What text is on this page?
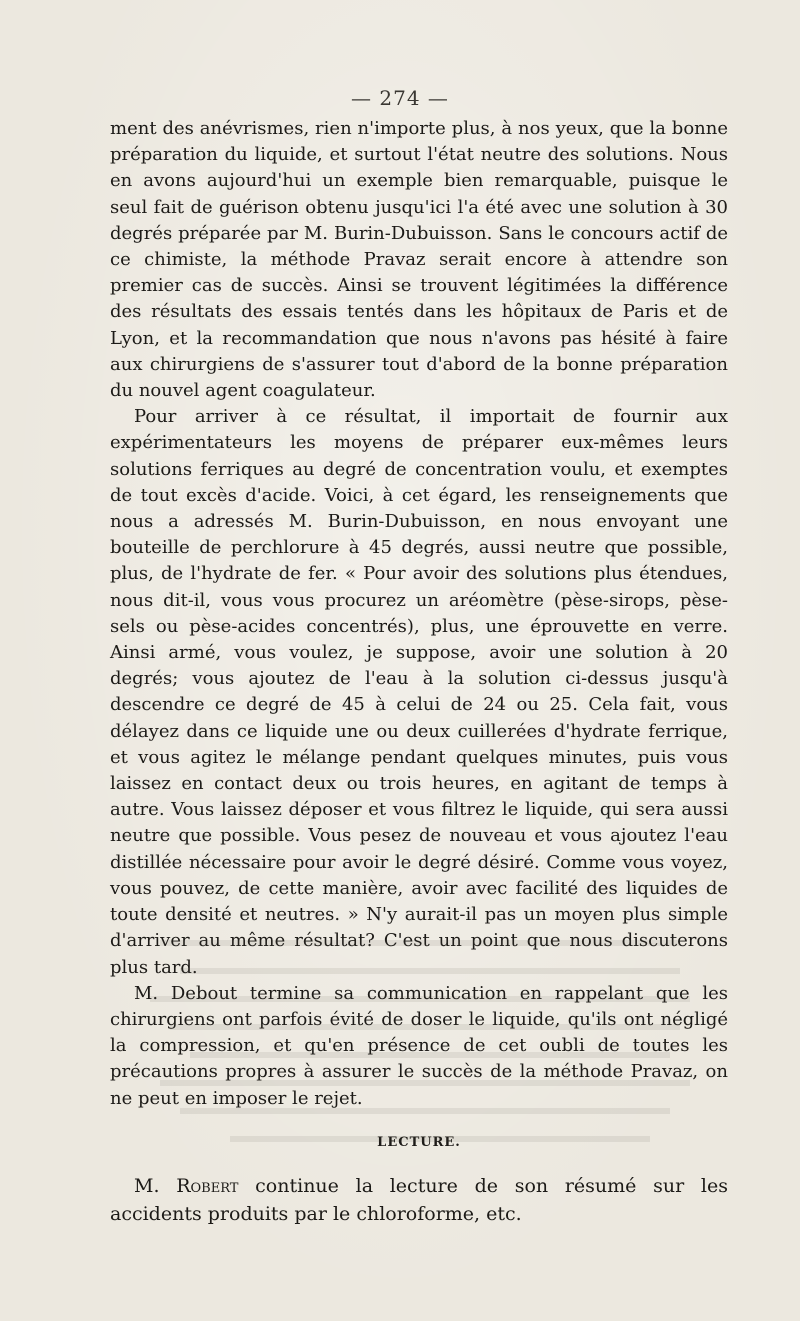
— 274 —

ment des anévrismes, rien n'importe plus, à nos yeux, que la bonne préparation du liquide, et surtout l'état neutre des solutions. Nous en avons aujourd'hui un exemple bien remarquable, puisque le seul fait de guérison obtenu jusqu'ici l'a été avec une solution à 30 degrés préparée par M. Burin-Dubuisson. Sans le concours actif de ce chimiste, la méthode Pravaz serait encore à attendre son premier cas de succès. Ainsi se trouvent légitimées la différence des résultats des essais tentés dans les hôpitaux de Paris et de Lyon, et la recommandation que nous n'avons pas hésité à faire aux chirurgiens de s'assurer tout d'abord de la bonne préparation du nouvel agent coagulateur.

Pour arriver à ce résultat, il importait de fournir aux expérimentateurs les moyens de préparer eux-mêmes leurs solutions ferriques au degré de concentration voulu, et exemptes de tout excès d'acide. Voici, à cet égard, les renseignements que nous a adressés M. Burin-Dubuisson, en nous envoyant une bouteille de perchlorure à 45 degrés, aussi neutre que possible, plus, de l'hydrate de fer. « Pour avoir des solutions plus étendues, nous dit-il, vous vous procurez un aréomètre (pèse-sirops, pèse-sels ou pèse-acides concentrés), plus, une éprouvette en verre. Ainsi armé, vous voulez, je suppose, avoir une solution à 20 degrés; vous ajoutez de l'eau à la solution ci-dessus jusqu'à descendre ce degré de 45 à celui de 24 ou 25. Cela fait, vous délayez dans ce liquide une ou deux cuillerées d'hydrate ferrique, et vous agitez le mélange pendant quelques minutes, puis vous laissez en contact deux ou trois heures, en agitant de temps à autre. Vous laissez déposer et vous filtrez le liquide, qui sera aussi neutre que possible. Vous pesez de nouveau et vous ajoutez l'eau distillée nécessaire pour avoir le degré désiré. Comme vous voyez, vous pouvez, de cette manière, avoir avec facilité des liquides de toute densité et neutres. » N'y aurait-il pas un moyen plus simple d'arriver au même résultat? C'est un point que nous discuterons plus tard.

M. Debout termine sa communication en rappelant que les chirurgiens ont parfois évité de doser le liquide, qu'ils ont négligé la compression, et qu'en présence de cet oubli de toutes les précautions propres à assurer le succès de la méthode Pravaz, on ne peut en imposer le rejet.

LECTURE.

M. Robert continue la lecture de son résumé sur les accidents produits par le chloroforme, etc.
